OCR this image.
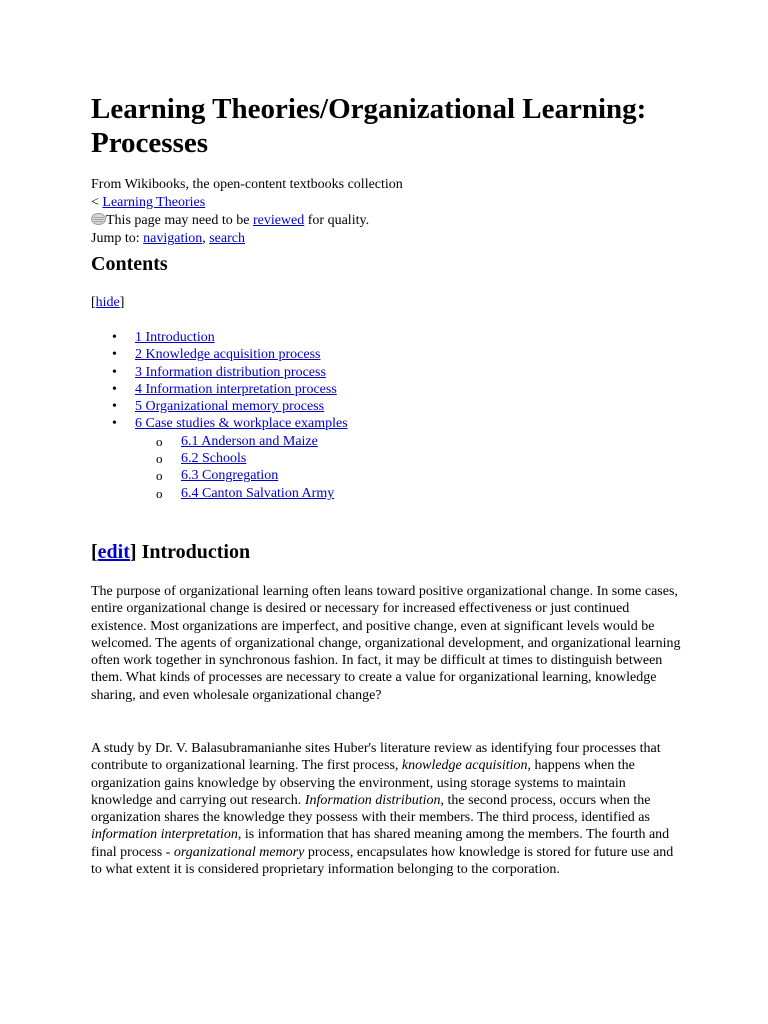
Learning Theories/Organizational Learning: Processes
From Wikibooks, the open-content textbooks collection
< Learning Theories
This page may need to be reviewed for quality.
Jump to: navigation, search
Contents
[hide]
• 1 Introduction
• 2 Knowledge acquisition process
• 3 Information distribution process
• 4 Information interpretation process
• 5 Organizational memory process
• 6 Case studies & workplace examples
o 6.1 Anderson and Maize
o 6.2 Schools
o 6.3 Congregation
o 6.4 Canton Salvation Army
[edit] Introduction

The purpose of organizational learning often leans toward positive organizational change. In some cases, entire organizational change is desired or necessary for increased effectiveness or just continued existence. Most organizations are imperfect, and positive change, even at significant levels would be welcomed. The agents of organizational change, organizational development, and organizational learning often work together in synchronous fashion. In fact, it may be difficult at times to distinguish between them. What kinds of processes are necessary to create a value for organizational learning, knowledge sharing, and even wholesale organizational change?

A study by Dr. V. Balasubramanianhe sites Huber's literature review as identifying four processes that contribute to organizational learning. The first process, knowledge acquisition, happens when the organization gains knowledge by observing the environment, using storage systems to maintain knowledge and carrying out research. Information distribution, the second process, occurs when the organization shares the knowledge they possess with their members. The third process, identified as information interpretation, is information that has shared meaning among the members. The fourth and final process - organizational memory process, encapsulates how knowledge is stored for future use and to what extent it is considered proprietary information belonging to the corporation.
